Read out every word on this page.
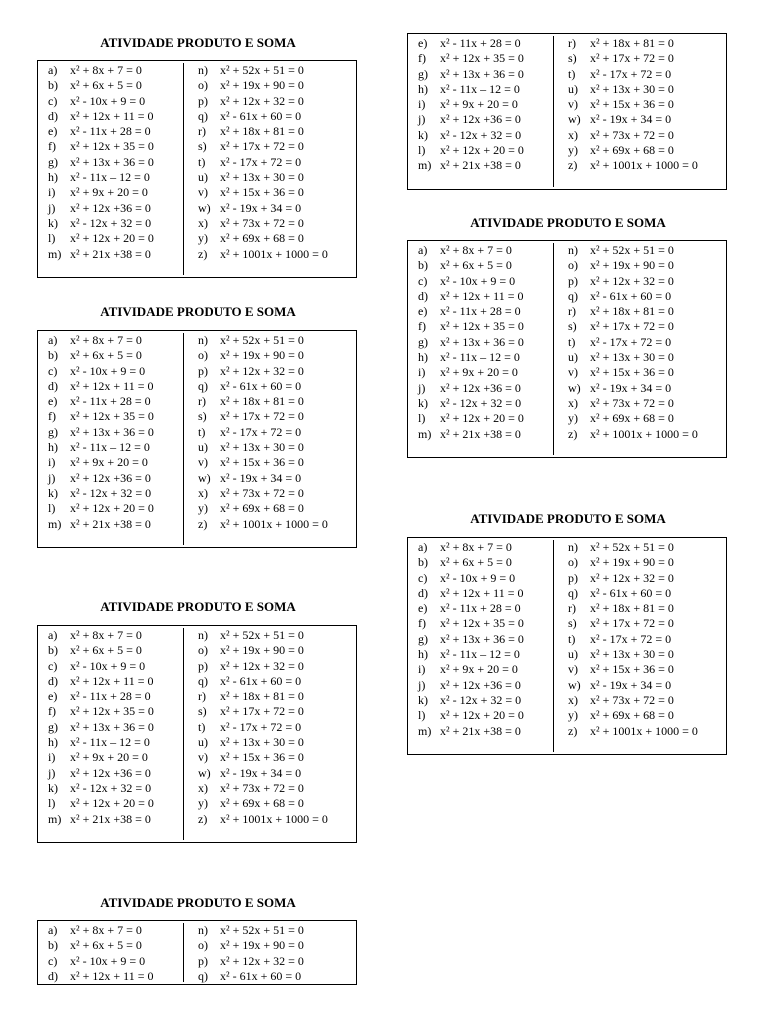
ATIVIDADE PRODUTO E SOMA
a) x² + 8x + 7 = 0
b) x² + 6x + 5 = 0
c) x² - 10x + 9 = 0
d) x² + 12x + 11 = 0
e) x² - 11x + 28 = 0
f) x² + 12x + 35 = 0
g) x² + 13x + 36 = 0
h) x² - 11x – 12 = 0
i) x² + 9x + 20 = 0
j) x² + 12x +36 = 0
k) x² - 12x + 32 = 0
l) x² + 12x + 20 = 0
m) x² + 21x +38 = 0
n) x² + 52x + 51 = 0
o) x² + 19x + 90 = 0
p) x² + 12x + 32 = 0
q) x² - 61x + 60 = 0
r) x² + 18x + 81 = 0
s) x² + 17x + 72 = 0
t) x² - 17x + 72 = 0
u) x² + 13x + 30 = 0
v) x² + 15x + 36 = 0
w) x² - 19x + 34 = 0
x) x² + 73x + 72 = 0
y) x² + 69x + 68 = 0
z) x² + 1001x + 1000 = 0
ATIVIDADE PRODUTO E SOMA
a) x² + 8x + 7 = 0
b) x² + 6x + 5 = 0
c) x² - 10x + 9 = 0
d) x² + 12x + 11 = 0
e) x² - 11x + 28 = 0
f) x² + 12x + 35 = 0
g) x² + 13x + 36 = 0
h) x² - 11x – 12 = 0
i) x² + 9x + 20 = 0
j) x² + 12x +36 = 0
k) x² - 12x + 32 = 0
l) x² + 12x + 20 = 0
m) x² + 21x +38 = 0
n) x² + 52x + 51 = 0
o) x² + 19x + 90 = 0
p) x² + 12x + 32 = 0
q) x² - 61x + 60 = 0
r) x² + 18x + 81 = 0
s) x² + 17x + 72 = 0
t) x² - 17x + 72 = 0
u) x² + 13x + 30 = 0
v) x² + 15x + 36 = 0
w) x² - 19x + 34 = 0
x) x² + 73x + 72 = 0
y) x² + 69x + 68 = 0
z) x² + 1001x + 1000 = 0
ATIVIDADE PRODUTO E SOMA
a) x² + 8x + 7 = 0
b) x² + 6x + 5 = 0
c) x² - 10x + 9 = 0
d) x² + 12x + 11 = 0
e) x² - 11x + 28 = 0
f) x² + 12x + 35 = 0
g) x² + 13x + 36 = 0
h) x² - 11x – 12 = 0
i) x² + 9x + 20 = 0
j) x² + 12x +36 = 0
k) x² - 12x + 32 = 0
l) x² + 12x + 20 = 0
m) x² + 21x +38 = 0
n) x² + 52x + 51 = 0
o) x² + 19x + 90 = 0
p) x² + 12x + 32 = 0
q) x² - 61x + 60 = 0
r) x² + 18x + 81 = 0
s) x² + 17x + 72 = 0
t) x² - 17x + 72 = 0
u) x² + 13x + 30 = 0
v) x² + 15x + 36 = 0
w) x² - 19x + 34 = 0
x) x² + 73x + 72 = 0
y) x² + 69x + 68 = 0
z) x² + 1001x + 1000 = 0
ATIVIDADE PRODUTO E SOMA
a) x² + 8x + 7 = 0
b) x² + 6x + 5 = 0
c) x² - 10x + 9 = 0
d) x² + 12x + 11 = 0
n) x² + 52x + 51 = 0
o) x² + 19x + 90 = 0
p) x² + 12x + 32 = 0
q) x² - 61x + 60 = 0
e) x² - 11x + 28 = 0
f) x² + 12x + 35 = 0
g) x² + 13x + 36 = 0
h) x² - 11x – 12 = 0
i) x² + 9x + 20 = 0
j) x² + 12x +36 = 0
k) x² - 12x + 32 = 0
l) x² + 12x + 20 = 0
m) x² + 21x +38 = 0
r) x² + 18x + 81 = 0
s) x² + 17x + 72 = 0
t) x² - 17x + 72 = 0
u) x² + 13x + 30 = 0
v) x² + 15x + 36 = 0
w) x² - 19x + 34 = 0
x) x² + 73x + 72 = 0
y) x² + 69x + 68 = 0
z) x² + 1001x + 1000 = 0
ATIVIDADE PRODUTO E SOMA
a) x² + 8x + 7 = 0
b) x² + 6x + 5 = 0
c) x² - 10x + 9 = 0
d) x² + 12x + 11 = 0
e) x² - 11x + 28 = 0
f) x² + 12x + 35 = 0
g) x² + 13x + 36 = 0
h) x² - 11x – 12 = 0
i) x² + 9x + 20 = 0
j) x² + 12x +36 = 0
k) x² - 12x + 32 = 0
l) x² + 12x + 20 = 0
m) x² + 21x +38 = 0
n) x² + 52x + 51 = 0
o) x² + 19x + 90 = 0
p) x² + 12x + 32 = 0
q) x² - 61x + 60 = 0
r) x² + 18x + 81 = 0
s) x² + 17x + 72 = 0
t) x² - 17x + 72 = 0
u) x² + 13x + 30 = 0
v) x² + 15x + 36 = 0
w) x² - 19x + 34 = 0
x) x² + 73x + 72 = 0
y) x² + 69x + 68 = 0
z) x² + 1001x + 1000 = 0
ATIVIDADE PRODUTO E SOMA
a) x² + 8x + 7 = 0
b) x² + 6x + 5 = 0
c) x² - 10x + 9 = 0
d) x² + 12x + 11 = 0
e) x² - 11x + 28 = 0
f) x² + 12x + 35 = 0
g) x² + 13x + 36 = 0
h) x² - 11x – 12 = 0
i) x² + 9x + 20 = 0
j) x² + 12x +36 = 0
k) x² - 12x + 32 = 0
l) x² + 12x + 20 = 0
m) x² + 21x +38 = 0
n) x² + 52x + 51 = 0
o) x² + 19x + 90 = 0
p) x² + 12x + 32 = 0
q) x² - 61x + 60 = 0
r) x² + 18x + 81 = 0
s) x² + 17x + 72 = 0
t) x² - 17x + 72 = 0
u) x² + 13x + 30 = 0
v) x² + 15x + 36 = 0
w) x² - 19x + 34 = 0
x) x² + 73x + 72 = 0
y) x² + 69x + 68 = 0
z) x² + 1001x + 1000 = 0
